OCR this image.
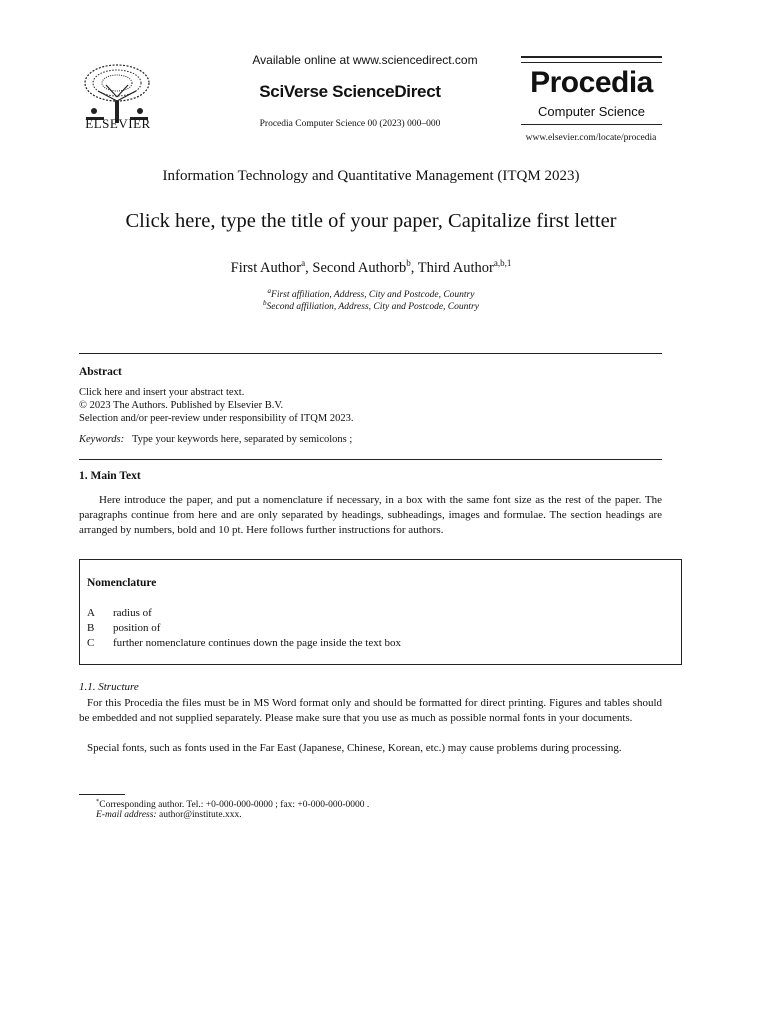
ELSEVIER
Available online at www.sciencedirect.com
SciVerse ScienceDirect
Procedia Computer Science 00 (2023) 000–000
Procedia
Computer Science
www.elsevier.com/locate/procedia
Information Technology and Quantitative Management (ITQM 2023)
Click here, type the title of your paper, Capitalize first letter
First Author$^a$, Second Authorb$^b$, Third Author$^{a,b,1}$
$^a$First affiliation, Address, City and Postcode, Country
$^b$Second affiliation, Address, City and Postcode, Country
Abstract
Click here and insert your abstract text.
© 2023 The Authors. Published by Elsevier B.V.
Selection and/or peer-review under responsibility of ITQM 2023.
Keywords: Type your keywords here, separated by semicolons ;
1. Main Text

Here introduce the paper, and put a nomenclature if necessary, in a box with the same font size as the rest of the paper. The paragraphs continue from here and are only separated by headings, subheadings, images and formulae. The section headings are arranged by numbers, bold and 10 pt. Here follows further instructions for authors.

Nomenclature
A radius of
B position of
C further nomenclature continues down the page inside the text box
1.1. Structure

For this Procedia the files must be in MS Word format only and should be formatted for direct printing. Figures and tables should be embedded and not supplied separately. Please make sure that you use as much as possible normal fonts in your documents.

Special fonts, such as fonts used in the Far East (Japanese, Chinese, Korean, etc.) may cause problems during processing.

*Corresponding author. Tel.: +0-000-000-0000 ; fax: +0-000-000-0000 .
E-mail address: author@institute.xxx.
